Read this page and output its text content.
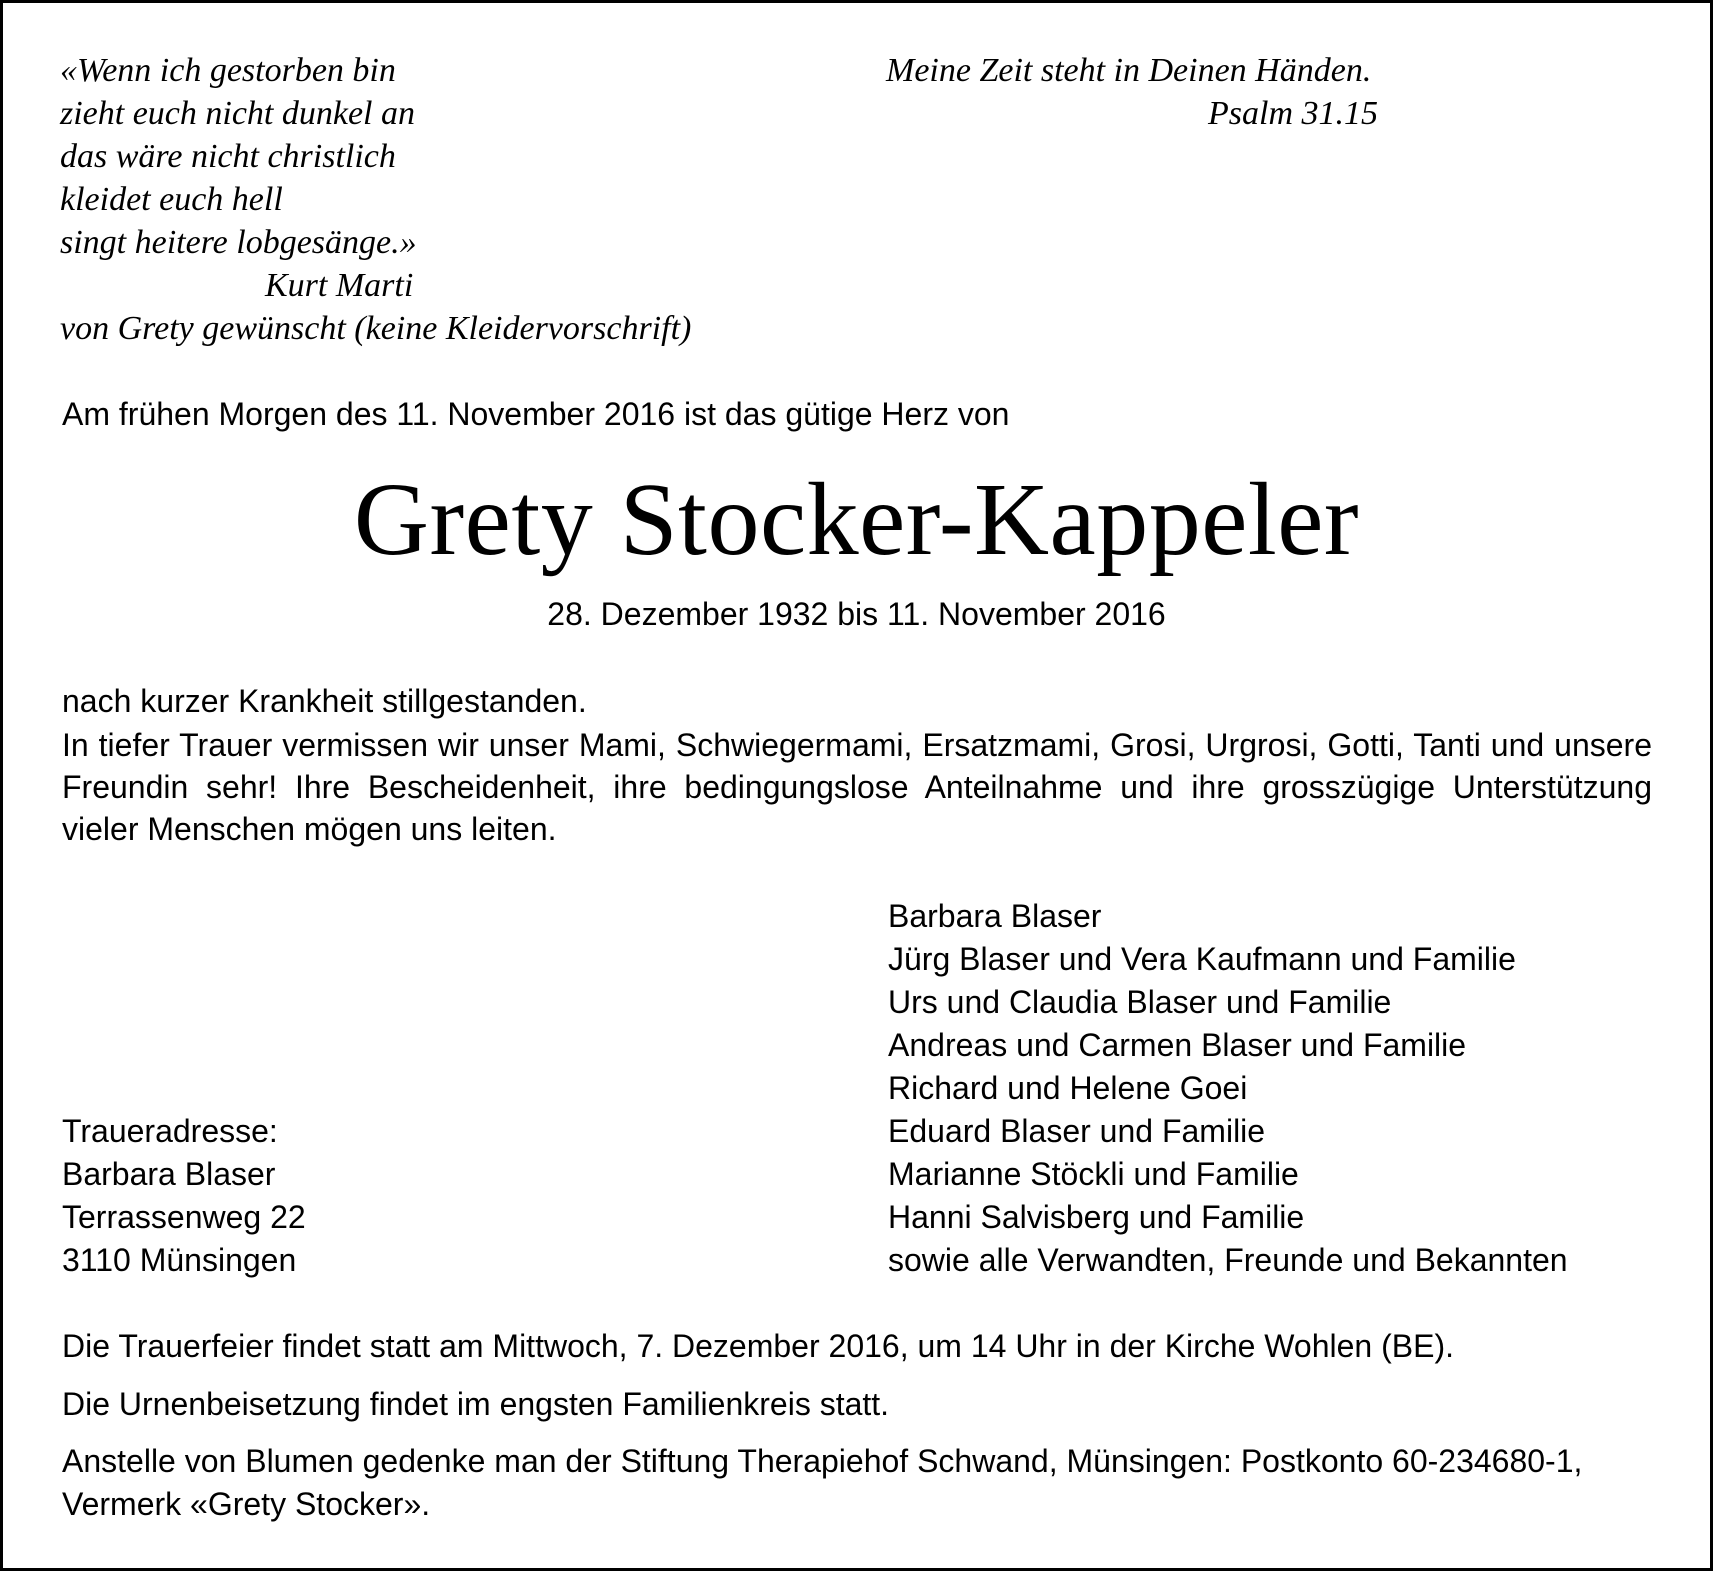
«Wenn ich gestorben bin
zieht euch nicht dunkel an
das wäre nicht christlich
kleidet euch hell
singt heitere lobgesänge.»
Kurt Marti
von Grety gewünscht (keine Kleidervorschrift)
Meine Zeit steht in Deinen Händen.
Psalm 31.15
Am frühen Morgen des 11. November 2016 ist das gütige Herz von
Grety Stocker-Kappeler
28. Dezember 1932 bis 11. November 2016
nach kurzer Krankheit stillgestanden.
In tiefer Trauer vermissen wir unser Mami, Schwiegermami, Ersatzmami, Grosi, Urgrosi, Gotti, Tanti und unsere
Freundin sehr! Ihre Bescheidenheit, ihre bedingungslose Anteilnahme und ihre grosszügige Unterstützung
vieler Menschen mögen uns leiten.
Barbara Blaser
Jürg Blaser und Vera Kaufmann und Familie
Urs und Claudia Blaser und Familie
Andreas und Carmen Blaser und Familie
Richard und Helene Goei
Eduard Blaser und Familie
Marianne Stöckli und Familie
Hanni Salvisberg und Familie
sowie alle Verwandten, Freunde und Bekannten
Traueradresse:
Barbara Blaser
Terrassenweg 22
3110 Münsingen
Die Trauerfeier findet statt am Mittwoch, 7. Dezember 2016, um 14 Uhr in der Kirche Wohlen (BE).
Die Urnenbeisetzung findet im engsten Familienkreis statt.
Anstelle von Blumen gedenke man der Stiftung Therapiehof Schwand, Münsingen: Postkonto 60-234680-1,
Vermerk «Grety Stocker».
